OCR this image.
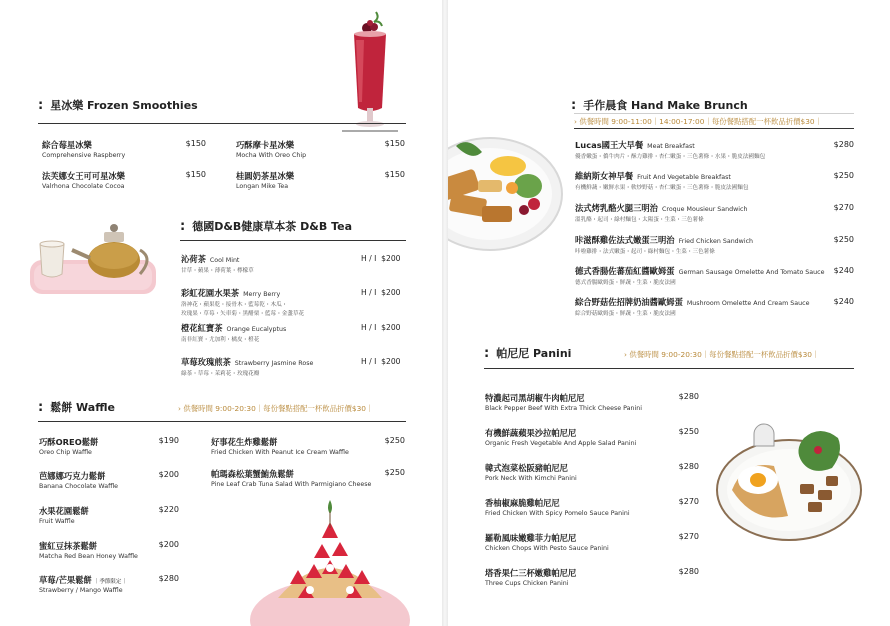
: 星冰樂 Frozen Smoothies
綜合莓星冰樂
Comprehensive Raspberry
$150
法芙娜女王可可星冰樂
Valrhona Chocolate Cocoa
$150
巧酥摩卡星冰樂
Mocha With Oreo Chip
$150
桂圓奶茶星冰樂
Longan Mike Tea
$150
: 德國D&B健康草本茶 D&B Tea
沁荷茶 Cool Mint
甘草・蘋果・薄荷葉・檸檬草
H / I $200
彩虹花園水果茶 Merry Berry
洛神花・蘋果乾・接骨木・藍莓乾・木瓜・
玫瑰果・草莓・矢車菊・黑醋栗・藍莓・金盞草花
H / I $200
橙花紅寶茶 Orange Eucalyptus
南非紅寶・尤加利・橘皮・橙花
H / I $200
草莓玫瑰煎茶 Strawberry Jasmine Rose
綠茶・草莓・茉莉花・玫瑰花瓣
H / I $200
: 鬆餅 Waffle	› 供餐時間 9:00-20:30｜每份餐點搭配一杯飲品折價$30｜
巧酥OREO鬆餅
Oreo Chip Waffle
$190
芭娜娜巧克力鬆餅
Banana Chocolate Waffle
$200
水果花園鬆餅
Fruit Waffle
$220
蜜紅豆抹茶鬆餅
Matcha Red Bean Honey Waffle
$200
草莓/芒果鬆餅 ｜季節限定｜
Strawberry / Mango Waffle
$280
好事花生炸雞鬆餅
Fried Chicken With Peanut Ice Cream Waffle
$250
帕瑪森松葉蟹鮪魚鬆餅
Pine Leaf Crab Tuna Salad With Parmigiano Cheese
$250
: 手作晨食 Hand Make Brunch
› 供餐時間 9:00-11:00｜14:00-17:00｜每份餐點搭配一杯飲品折價$30｜
Lucas國王大早餐 Meat Breakfast
優香嫩蛋・僑牛肉片・酥力雞排・杏仁嫩蛋・三色薯條・水果・脆皮法國麵包
$280
維納斯女神早餐 Fruit And Vegetable Breakfast
有機鮮蔬・嫩鮮水果・軟炒野菇・杏仁嫩蛋・三色薯條・脆皮法國麵包
$250
法式烤乳酪火腿三明治 Croque Mousieur Sandwich
溫乳酪・起司・綠村麵包・太陽蛋・生菜・三色薯條
$270
咔滋酥雞佐法式嫩蛋三明治 Fried Chicken Sandwich
咔啦雞排・法式嫩蛋・起司・綠村麵包・生菜・三色薯條
$250
德式香腸佐蕃茄紅醬歐姆蛋 German Sausage Omelette And Tomato Sauce
德式香腸歐姆蛋・鮮蔬・生菜・脆皮法國
$240
綜合野菇佐招牌奶油醬歐姆蛋 Mushroom Omelette And Cream Sauce
綜合野菇歐姆蛋・鮮蔬・生菜・脆皮法國
$240
: 帕尼尼 Panini	› 供餐時間 9:00-20:30｜每份餐點搭配一杯飲品折價$30｜
特濃起司黑胡椒牛肉帕尼尼
Black Pepper Beef With Extra Thick Cheese Panini
$280
有機鮮蔬蘋果沙拉帕尼尼
Organic Fresh Vegetable And Apple Salad Panini
$250
韓式泡菜松阪豬帕尼尼
Pork Neck With Kimchi Panini
$280
香柚椒麻脆雞帕尼尼
Fried Chicken With Spicy Pomelo Sauce Panini
$270
羅勒風味嫩雞菲力帕尼尼
Chicken Chops With Pesto Sauce Panini
$270
塔香果仁三杯嫩雞帕尼尼
Three Cups Chicken Panini
$280
